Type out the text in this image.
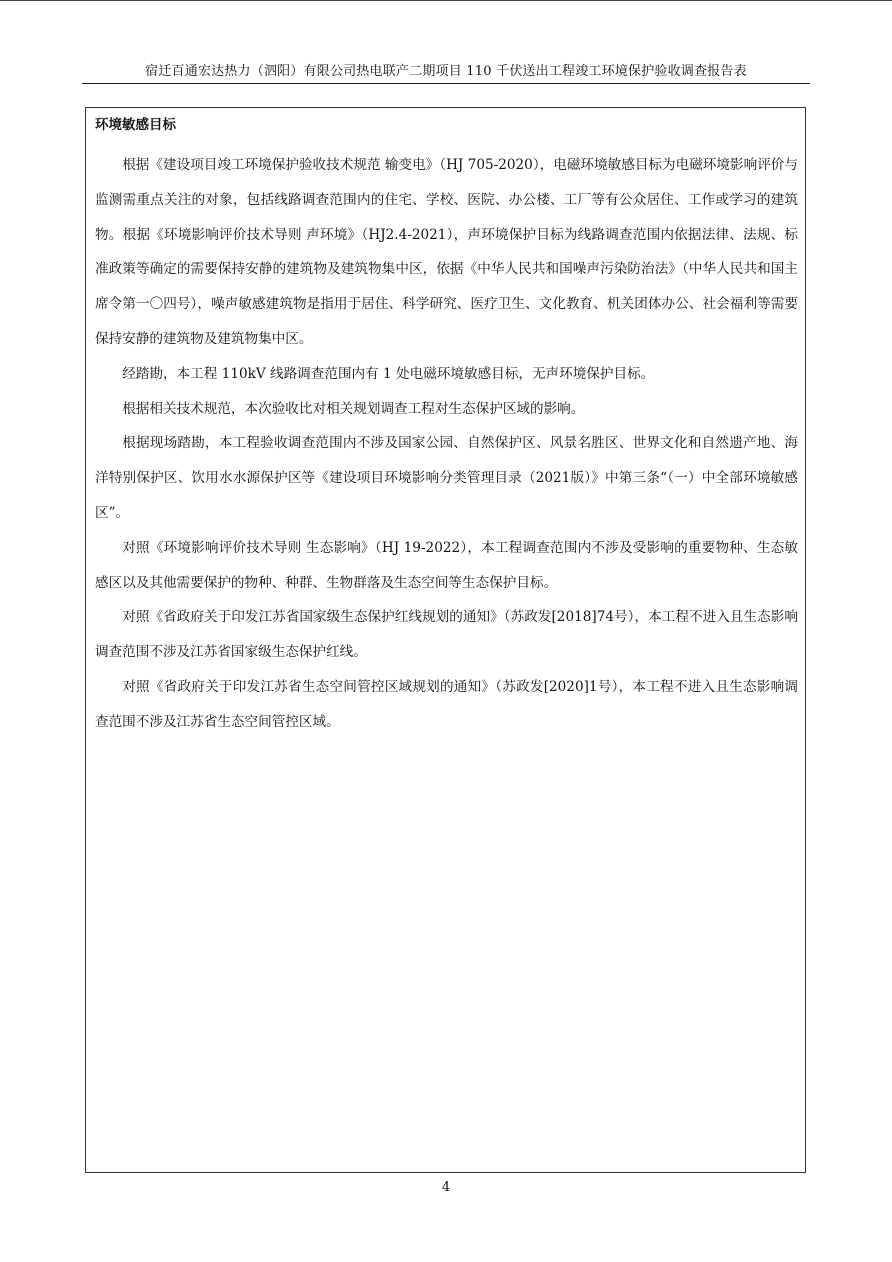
宿迁百通宏达热力（泗阳）有限公司热电联产二期项目 110 千伏送出工程竣工环境保护验收调查报告表
环境敏感目标

根据《建设项目竣工环境保护验收技术规范 输变电》（HJ 705-2020），电磁环境敏感目标为电磁环境影响评价与监测需重点关注的对象，包括线路调查范围内的住宅、学校、医院、办公楼、工厂等有公众居住、工作或学习的建筑物。根据《环境影响评价技术导则 声环境》（HJ2.4-2021），声环境保护目标为线路调查范围内依据法律、法规、标准政策等确定的需要保持安静的建筑物及建筑物集中区，依据《中华人民共和国噪声污染防治法》（中华人民共和国主席令第一〇四号），噪声敏感建筑物是指用于居住、科学研究、医疗卫生、文化教育、机关团体办公、社会福利等需要保持安静的建筑物及建筑物集中区。

经踏勘，本工程 110kV 线路调查范围内有 1 处电磁环境敏感目标，无声环境保护目标。

根据相关技术规范，本次验收比对相关规划调查工程对生态保护区域的影响。

根据现场踏勘，本工程验收调查范围内不涉及国家公园、自然保护区、风景名胜区、世界文化和自然遗产地、海洋特别保护区、饮用水水源保护区等《建设项目环境影响分类管理目录（2021版）》中第三条“（一）中全部环境敏感区”。

对照《环境影响评价技术导则 生态影响》（HJ 19-2022），本工程调查范围内不涉及受影响的重要物种、生态敏感区以及其他需要保护的物种、种群、生物群落及生态空间等生态保护目标。

对照《省政府关于印发江苏省国家级生态保护红线规划的通知》（苏政发[2018]74号），本工程不进入且生态影响调查范围不涉及江苏省国家级生态保护红线。

对照《省政府关于印发江苏省生态空间管控区域规划的通知》（苏政发[2020]1号），本工程不进入且生态影响调查范围不涉及江苏省生态空间管控区域。

4
